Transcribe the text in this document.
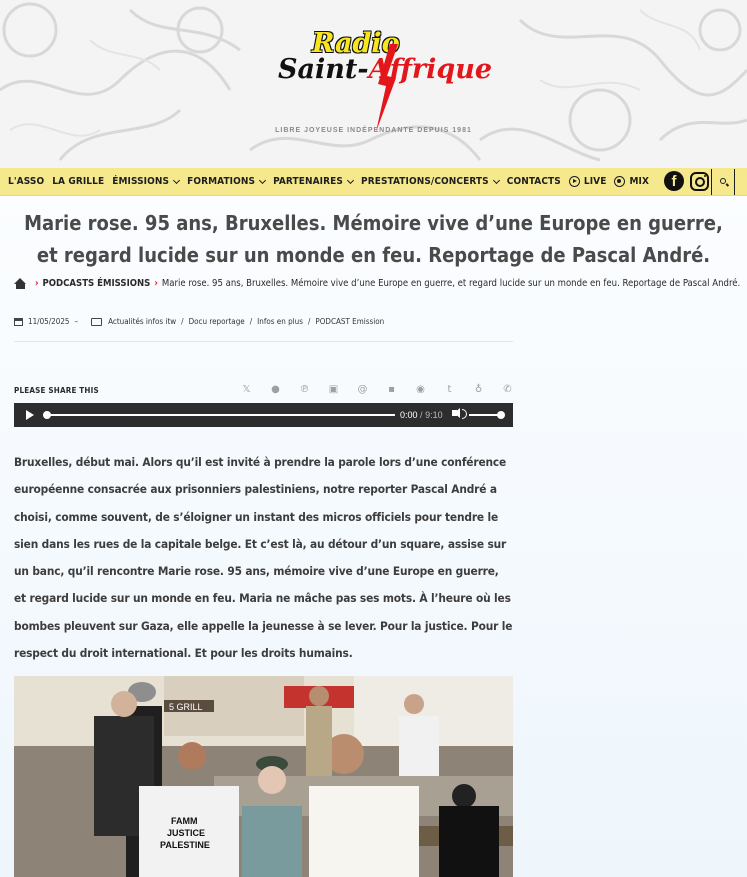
Radio
Saint-Affrique
LIBRE JOYEUSE INDÉPENDANTE DEPUIS 1981
L'ASSO LA GRILLE ÉMISSIONS FORMATIONS PARTENAIRES PRESTATIONS/CONCERTS CONTACTS LIVE MIX	f
Marie rose. 95 ans, Bruxelles. Mémoire vive d’une Europe en guerre, et regard lucide sur un monde en feu. Reportage de Pascal André.
› PODCASTS ÉMISSIONS › Marie rose. 95 ans, Bruxelles. Mémoire vive d’une Europe en guerre, et regard lucide sur un monde en feu. Reportage de Pascal André.
11/05/2025 –	Actualités infos itw / Docu reportage / Infos en plus / PODCAST Emission
PLEASE SHARE THIS	𝕏	●	℗	▣	@	▪	◉	t	♁	✆
0:00 / 9:10

Bruxelles, début mai. Alors qu’il est invité à prendre la parole lors d’une conférence européenne consacrée aux prisonniers palestiniens, notre reporter Pascal André a choisi, comme souvent, de s’éloigner un instant des micros officiels pour tendre le sien dans les rues de la capitale belge. Et c’est là, au détour d’un square, assise sur un banc, qu’il rencontre Marie rose. 95 ans, mémoire vive d’une Europe en guerre, et regard lucide sur un monde en feu. Maria ne mâche pas ses mots. À l’heure où les bombes pleuvent sur Gaza, elle appelle la jeunesse à se lever. Pour la justice. Pour le respect du droit international. Et pour les droits humains.

5 GRILL
FAMM
JUSTICE
PALESTINE
